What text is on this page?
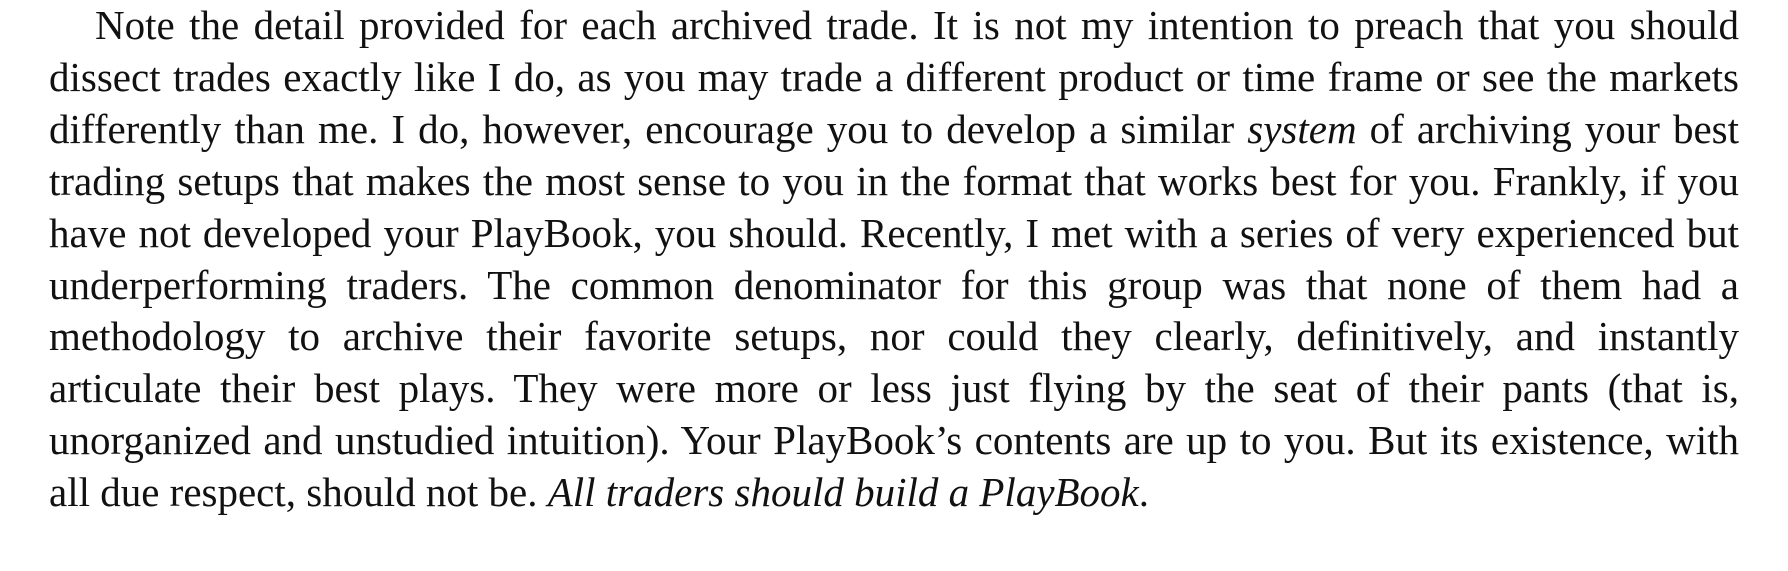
Note the detail provided for each archived trade. It is not my intention to preach that you should dissect trades exactly like I do, as you may trade a different product or time frame or see the markets differently than me. I do, however, encourage you to develop a similar system of archiving your best trading setups that makes the most sense to you in the format that works best for you. Frankly, if you have not developed your PlayBook, you should. Recently, I met with a series of very experienced but underperforming traders. The common denominator for this group was that none of them had a methodology to archive their favorite setups, nor could they clearly, definitively, and instantly articulate their best plays. They were more or less just flying by the seat of their pants (that is, unorganized and unstudied intuition). Your PlayBook’s contents are up to you. But its existence, with all due respect, should not be. All traders should build a PlayBook.
